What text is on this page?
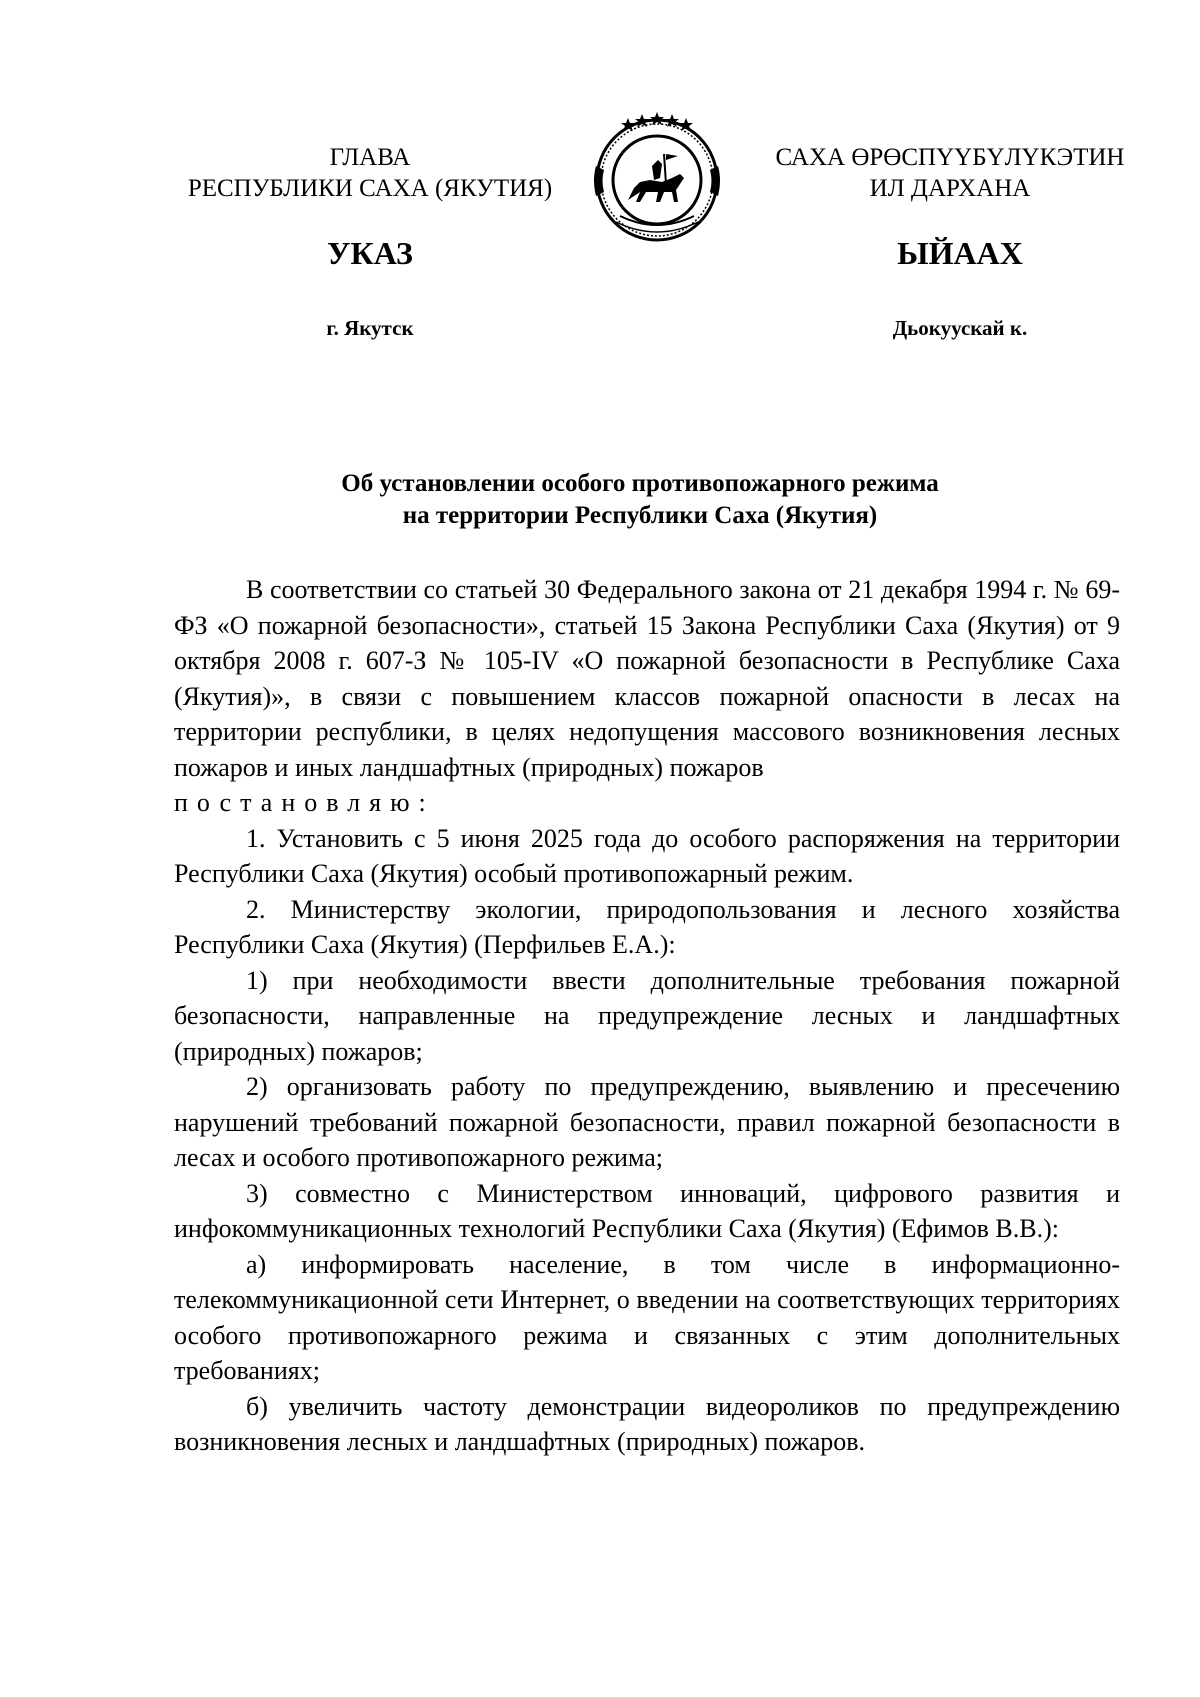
ГЛАВА
РЕСПУБЛИКИ САХА (ЯКУТИЯ)
САХА ӨРӨСПҮҮБҮЛҮКЭТИН
ИЛ ДАРХАНА
УКАЗ	ЫЙААХ
г. Якутск	Дьокуускай к.
Об установлении особого противопожарного режима
на территории Республики Саха (Якутия)

В соответствии со статьей 30 Федерального закона от 21 декабря 1994 г. № 69-ФЗ «О пожарной безопасности», статьей 15 Закона Республики Саха (Якутия) от 9 октября 2008 г. 607-З № 105-IV «О пожарной безопасности в Республике Саха (Якутия)», в связи с повышением классов пожарной опасности в лесах на территории республики, в целях недопущения массового возникновения лесных пожаров и иных ландшафтных (природных) пожаров

постановляю:

1. Установить с 5 июня 2025 года до особого распоряжения на территории Республики Саха (Якутия) особый противопожарный режим.

2. Министерству экологии, природопользования и лесного хозяйства Республики Саха (Якутия) (Перфильев Е.А.):

1) при необходимости ввести дополнительные требования пожарной безопасности, направленные на предупреждение лесных и ландшафтных (природных) пожаров;

2) организовать работу по предупреждению, выявлению и пресечению нарушений требований пожарной безопасности, правил пожарной безопасности в лесах и особого противопожарного режима;

3) совместно с Министерством инноваций, цифрового развития и инфокоммуникационных технологий Республики Саха (Якутия) (Ефимов В.В.):

а) информировать население, в том числе в информационно-телекоммуникационной сети Интернет, о введении на соответствующих территориях особого противопожарного режима и связанных с этим дополнительных требованиях;

б) увеличить частоту демонстрации видеороликов по предупреждению возникновения лесных и ландшафтных (природных) пожаров.
